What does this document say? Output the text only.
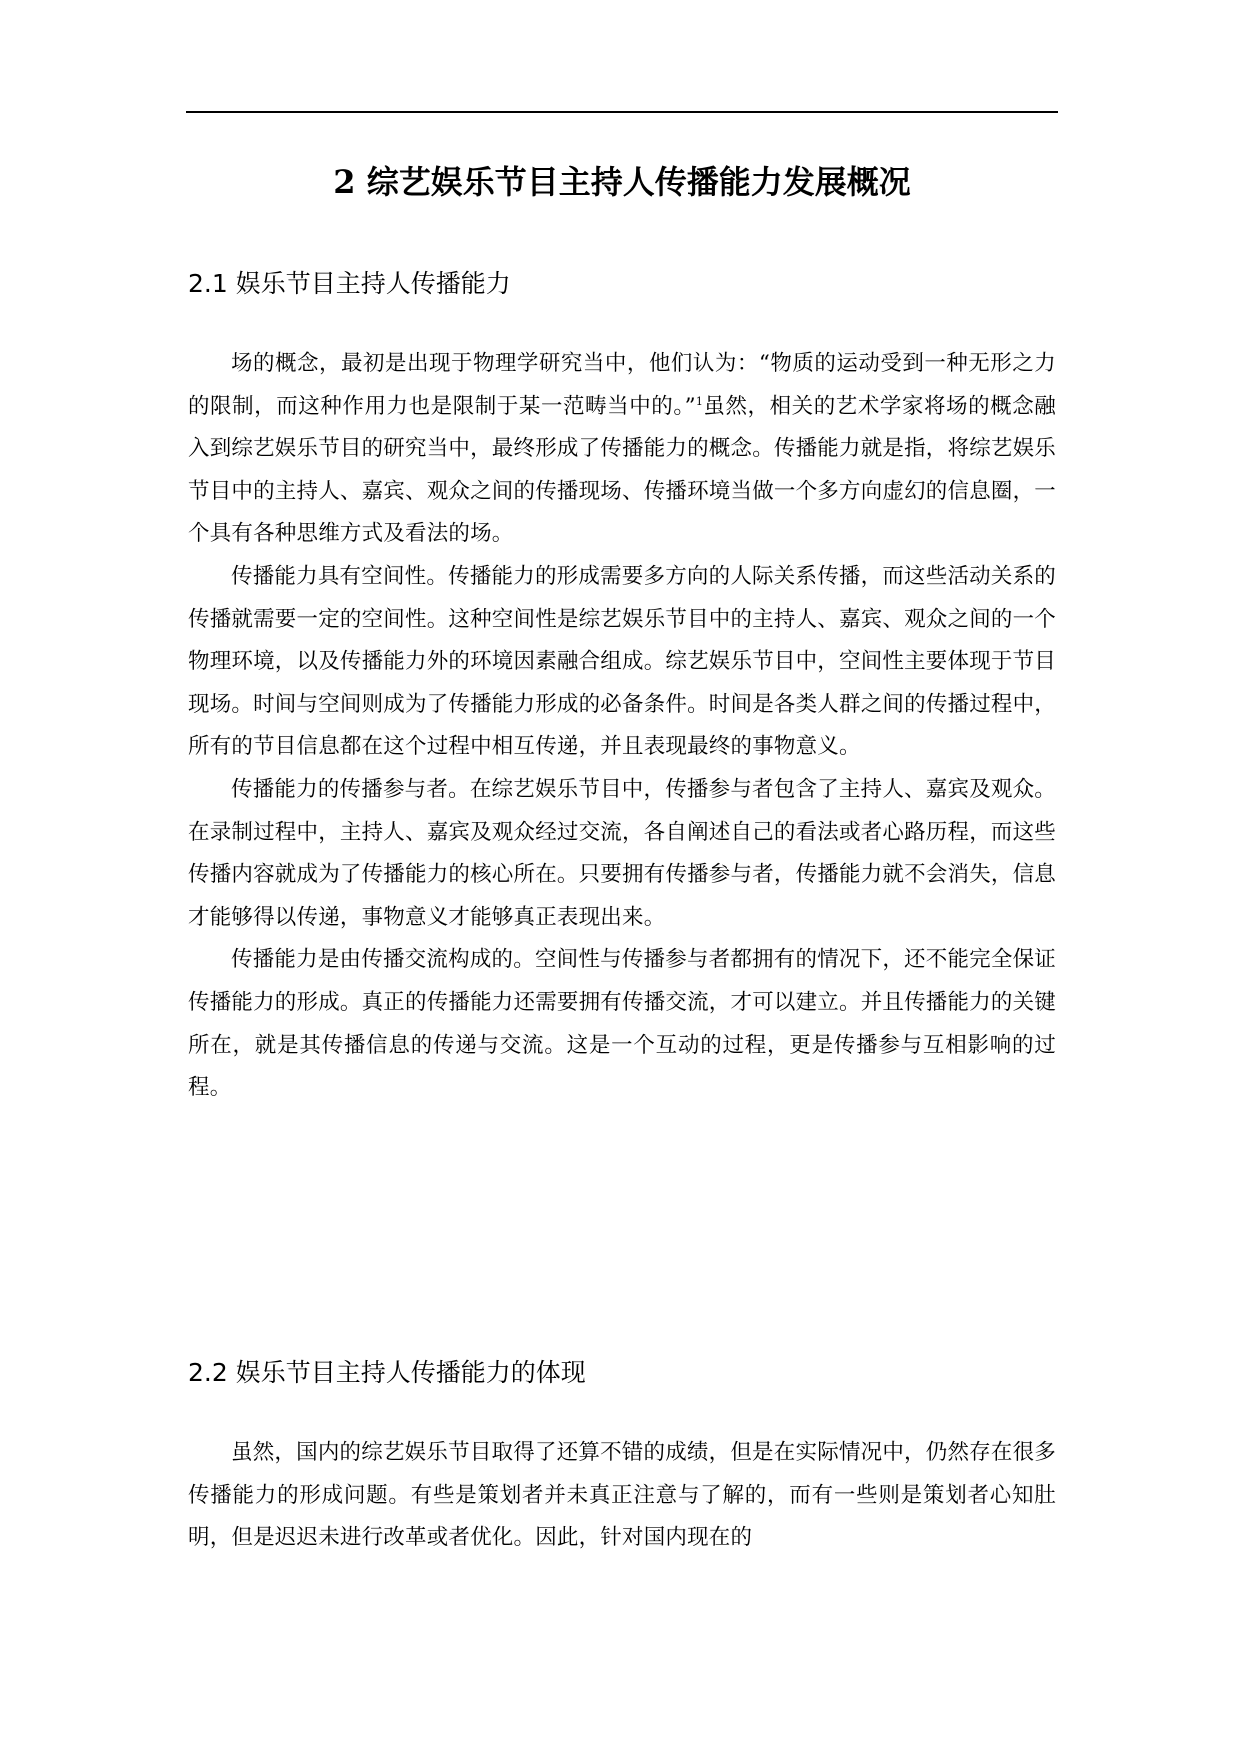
2 综艺娱乐节目主持人传播能力发展概况
2.1 娱乐节目主持人传播能力

场的概念，最初是出现于物理学研究当中，他们认为：“物质的运动受到一种无形之力的限制，而这种作用力也是限制于某一范畴当中的。”$^1$虽然，相关的艺术学家将场的概念融入到综艺娱乐节目的研究当中，最终形成了传播能力的概念。传播能力就是指，将综艺娱乐节目中的主持人、嘉宾、观众之间的传播现场、传播环境当做一个多方向虚幻的信息圈，一个具有各种思维方式及看法的场。

传播能力具有空间性。传播能力的形成需要多方向的人际关系传播，而这些活动关系的传播就需要一定的空间性。这种空间性是综艺娱乐节目中的主持人、嘉宾、观众之间的一个物理环境，以及传播能力外的环境因素融合组成。综艺娱乐节目中，空间性主要体现于节目现场。时间与空间则成为了传播能力形成的必备条件。时间是各类人群之间的传播过程中，所有的节目信息都在这个过程中相互传递，并且表现最终的事物意义。

传播能力的传播参与者。在综艺娱乐节目中，传播参与者包含了主持人、嘉宾及观众。在录制过程中，主持人、嘉宾及观众经过交流，各自阐述自己的看法或者心路历程，而这些传播内容就成为了传播能力的核心所在。只要拥有传播参与者，传播能力就不会消失，信息才能够得以传递，事物意义才能够真正表现出来。

传播能力是由传播交流构成的。空间性与传播参与者都拥有的情况下，还不能完全保证传播能力的形成。真正的传播能力还需要拥有传播交流，才可以建立。并且传播能力的关键所在，就是其传播信息的传递与交流。这是一个互动的过程，更是传播参与互相影响的过程。

2.2 娱乐节目主持人传播能力的体现

虽然，国内的综艺娱乐节目取得了还算不错的成绩，但是在实际情况中，仍然存在很多传播能力的形成问题。有些是策划者并未真正注意与了解的，而有一些则是策划者心知肚明，但是迟迟未进行改革或者优化。因此，针对国内现在的
